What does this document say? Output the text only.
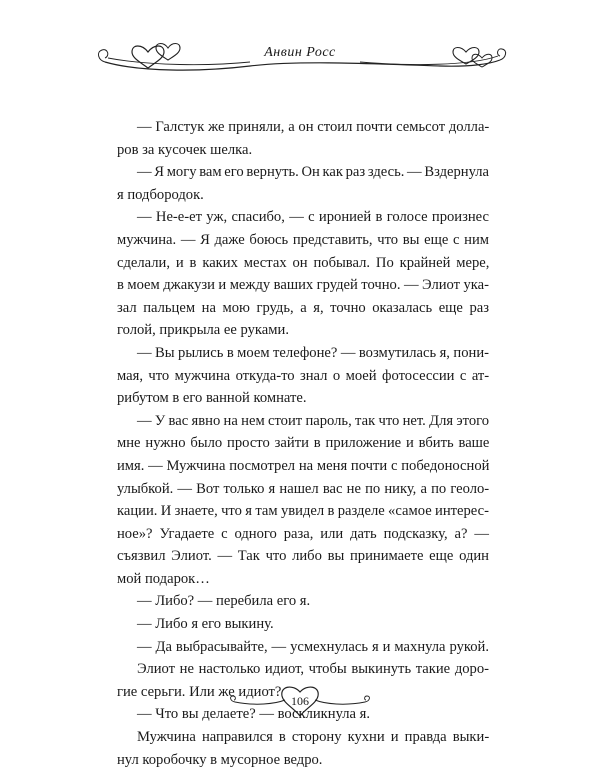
Анвин Росс
— Галстук же приняли, а он стоил почти семьсот долла-
ров за кусочек шелка.
— Я могу вам его вернуть. Он как раз здесь. — Вздернула
я подбородок.
— Не-е-ет уж, спасибо, — с иронией в голосе произнес
мужчина. — Я даже боюсь представить, что вы еще с ним
сделали, и в каких местах он побывал. По крайней мере,
в моем джакузи и между ваших грудей точно. — Элиот ука-
зал пальцем на мою грудь, а я, точно оказалась еще раз
голой, прикрыла ее руками.
— Вы рылись в моем телефоне? — возмутилась я, пони-
мая, что мужчина откуда-то знал о моей фотосессии с ат-
рибутом в его ванной комнате.
— У вас явно на нем стоит пароль, так что нет. Для этого
мне нужно было просто зайти в приложение и вбить ваше
имя. — Мужчина посмотрел на меня почти с победоносной
улыбкой. — Вот только я нашел вас не по нику, а по геоло-
кации. И знаете, что я там увидел в разделе «самое интерес-
ное»? Угадаете с одного раза, или дать подсказку, а? —
съязвил Элиот. — Так что либо вы принимаете еще один
мой подарок…
— Либо? — перебила его я.
— Либо я его выкину.
— Да выбрасывайте, — усмехнулась я и махнула рукой.
Элиот не настолько идиот, чтобы выкинуть такие доро-
гие серьги. Или же идиот?
— Что вы делаете? — воскликнула я.
Мужчина направился в сторону кухни и правда выки-
нул коробочку в мусорное ведро.
106
